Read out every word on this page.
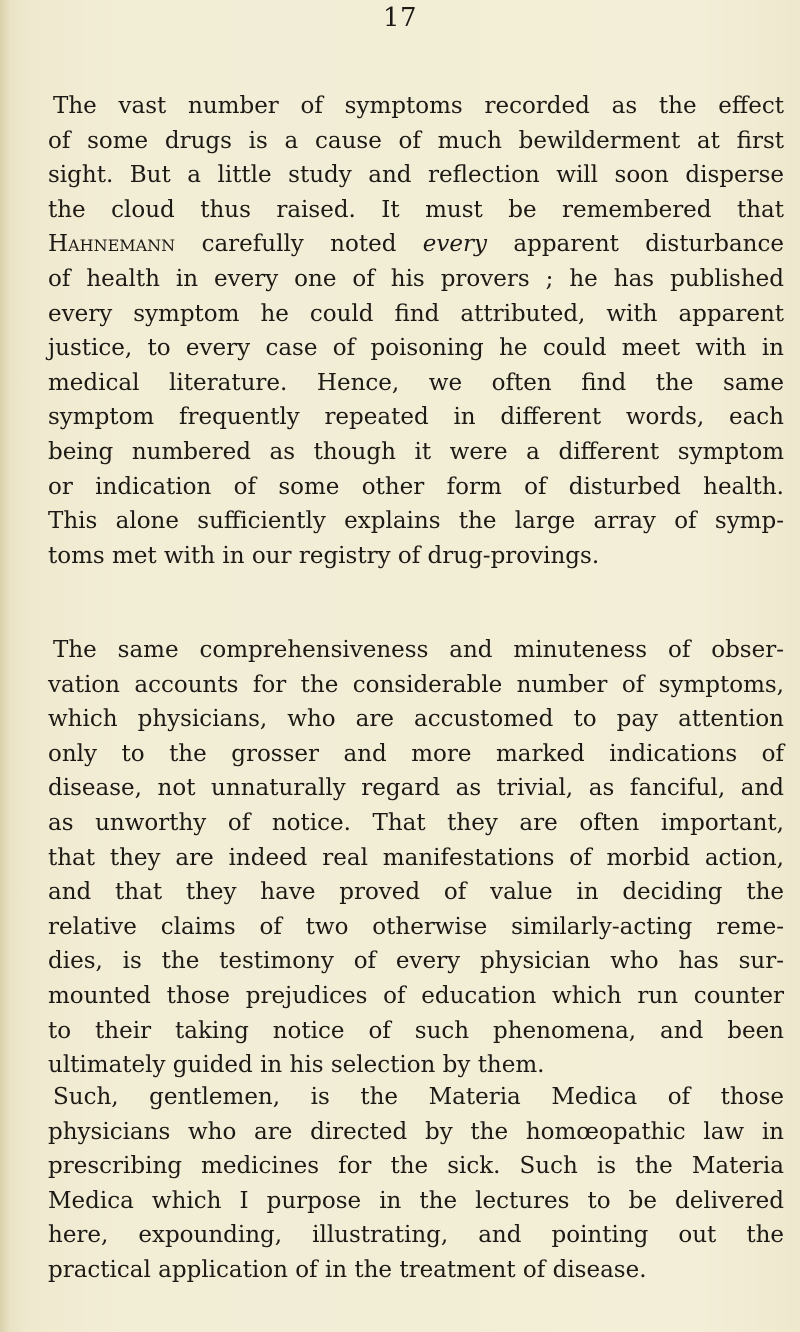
17
The vast number of symptoms recorded as the effect
of some drugs is a cause of much bewilderment at first
sight. But a little study and reflection will soon disperse
the cloud thus raised. It must be remembered that
Hahnemann carefully noted every apparent disturbance
of health in every one of his provers ; he has published
every symptom he could find attributed, with apparent
justice, to every case of poisoning he could meet with in
medical literature. Hence, we often find the same
symptom frequently repeated in different words, each
being numbered as though it were a different symptom
or indication of some other form of disturbed health.
This alone sufficiently explains the large array of symp-
toms met with in our registry of drug-provings.
The same comprehensiveness and minuteness of obser-
vation accounts for the considerable number of symptoms,
which physicians, who are accustomed to pay attention
only to the grosser and more marked indications of
disease, not unnaturally regard as trivial, as fanciful, and
as unworthy of notice. That they are often important,
that they are indeed real manifestations of morbid action,
and that they have proved of value in deciding the
relative claims of two otherwise similarly-acting reme-
dies, is the testimony of every physician who has sur-
mounted those prejudices of education which run counter
to their taking notice of such phenomena, and been
ultimately guided in his selection by them.
Such, gentlemen, is the Materia Medica of those
physicians who are directed by the homœopathic law in
prescribing medicines for the sick. Such is the Materia
Medica which I purpose in the lectures to be delivered
here, expounding, illustrating, and pointing out the
practical application of in the treatment of disease.
